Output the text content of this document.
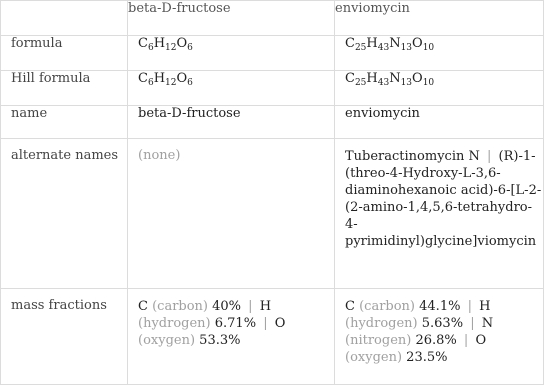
	beta-D-fructose	enviomycin
formula	$C_6H_{12}O_6$	$C_{25}H_{43}N_{13}O_{10}$
Hill formula	$C_6H_{12}O_6$	$C_{25}H_{43}N_{13}O_{10}$
name	beta-D-fructose	enviomycin
alternate names	(none)	Tuberactinomycin N | (R)-1-(threo-4-Hydroxy-L-3,6-diaminohexanoic acid)-6-[L-2-(2-amino-1,4,5,6-tetrahydro-4-pyrimidinyl)glycine]viomycin
mass fractions	C (carbon) 40% | H (hydrogen) 6.71% | O (oxygen) 53.3%	C (carbon) 44.1% | H (hydrogen) 5.63% | N (nitrogen) 26.8% | O (oxygen) 23.5%
